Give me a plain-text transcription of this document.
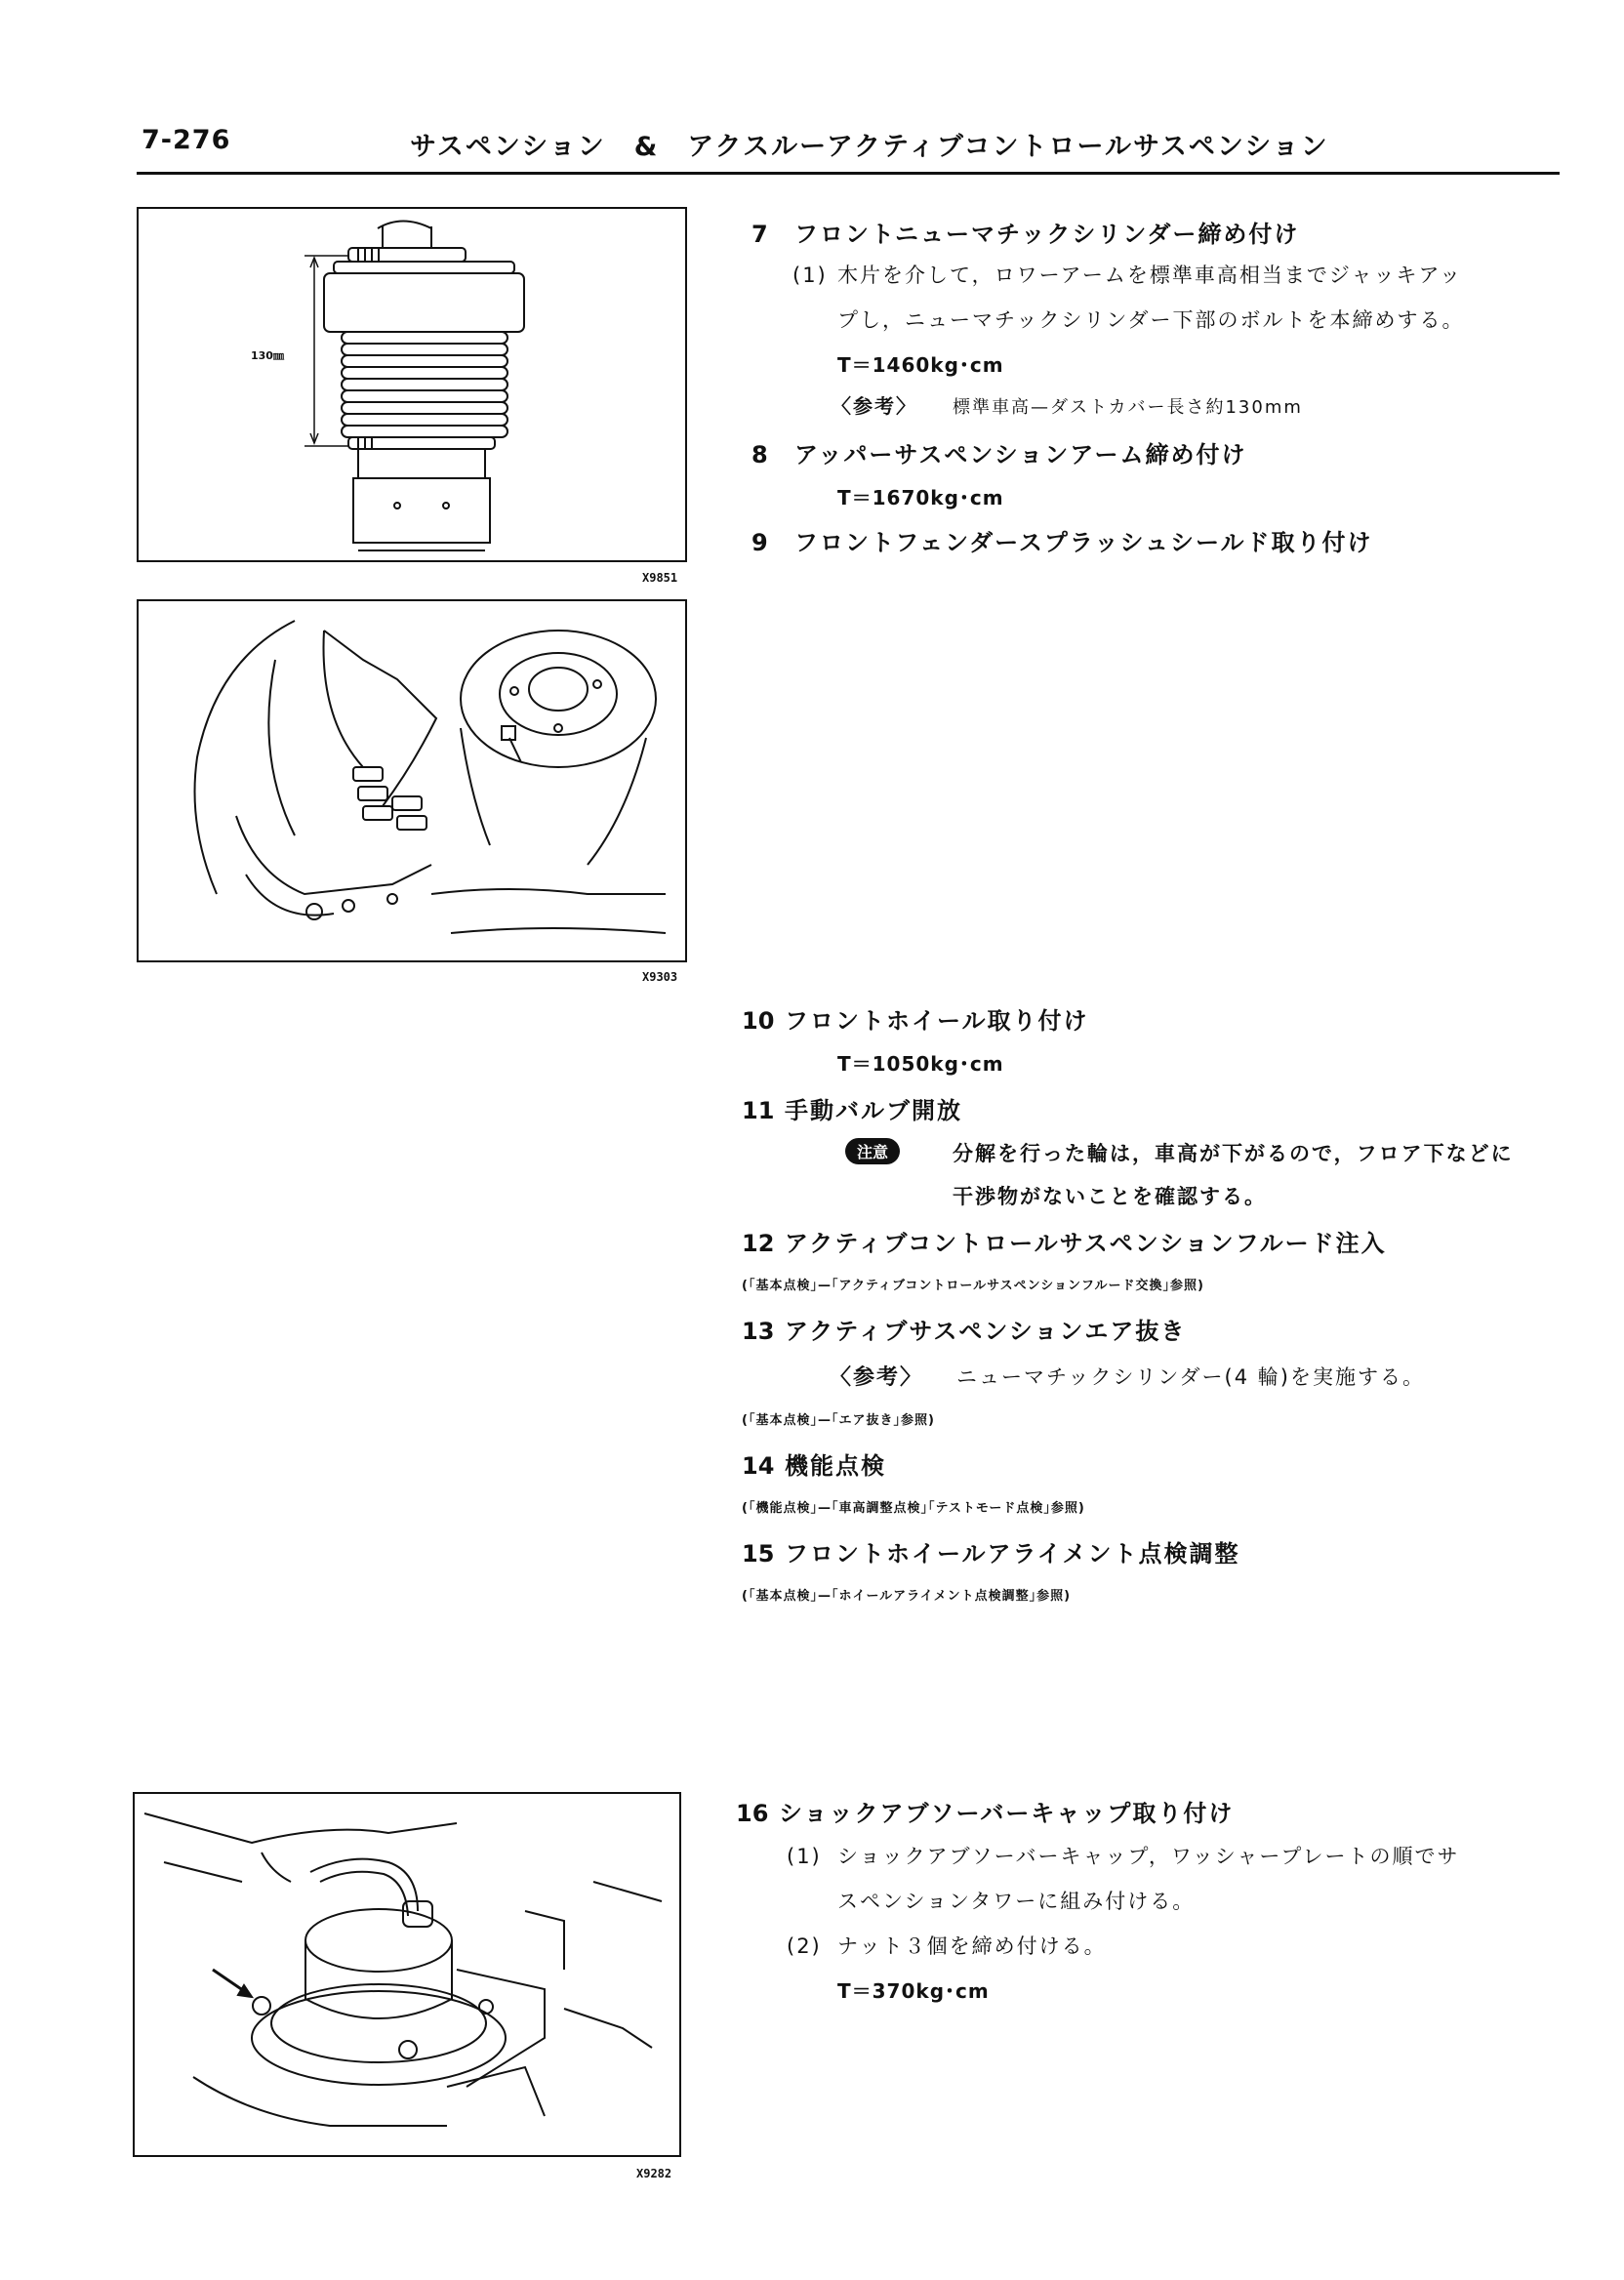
7-276	サスペンション　&　アクスルーアクティブコントロールサスペンション
130㎜
X9851
X9303
X9282
7 フロントニューマチックシリンダー締め付け
(1) 木片を介して，ロワーアームを標準車高相当までジャッキアッ
プし，ニューマチックシリンダー下部のボルトを本締めする。
T＝1460kg･cm
〈参考〉 標準車高—ダストカバー長さ約130mm
8 アッパーサスペンションアーム締め付け
T＝1670kg･cm
9 フロントフェンダースプラッシュシールド取り付け
10 フロントホイール取り付け
T＝1050kg･cm
11 手動バルブ開放
注意	分解を行った輪は，車高が下がるので，フロア下などに
干渉物がないことを確認する。
12 アクティブコントロールサスペンションフルード注入
(｢基本点検｣—｢アクティブコントロールサスペンションフルード交換｣参照)
13 アクティブサスペンションエア抜き
〈参考〉 ニューマチックシリンダー(4 輪)を実施する。
(｢基本点検｣—｢エア抜き｣参照)
14 機能点検
(｢機能点検｣—｢車高調整点検｣｢テストモード点検｣参照)
15 フロントホイールアライメント点検調整
(｢基本点検｣—｢ホイールアライメント点検調整｣参照)
16 ショックアブソーバーキャップ取り付け
(1) ショックアブソーバーキャップ，ワッシャープレートの順でサ
スペンションタワーに組み付ける。
(2) ナット３個を締め付ける。
T＝370kg･cm
